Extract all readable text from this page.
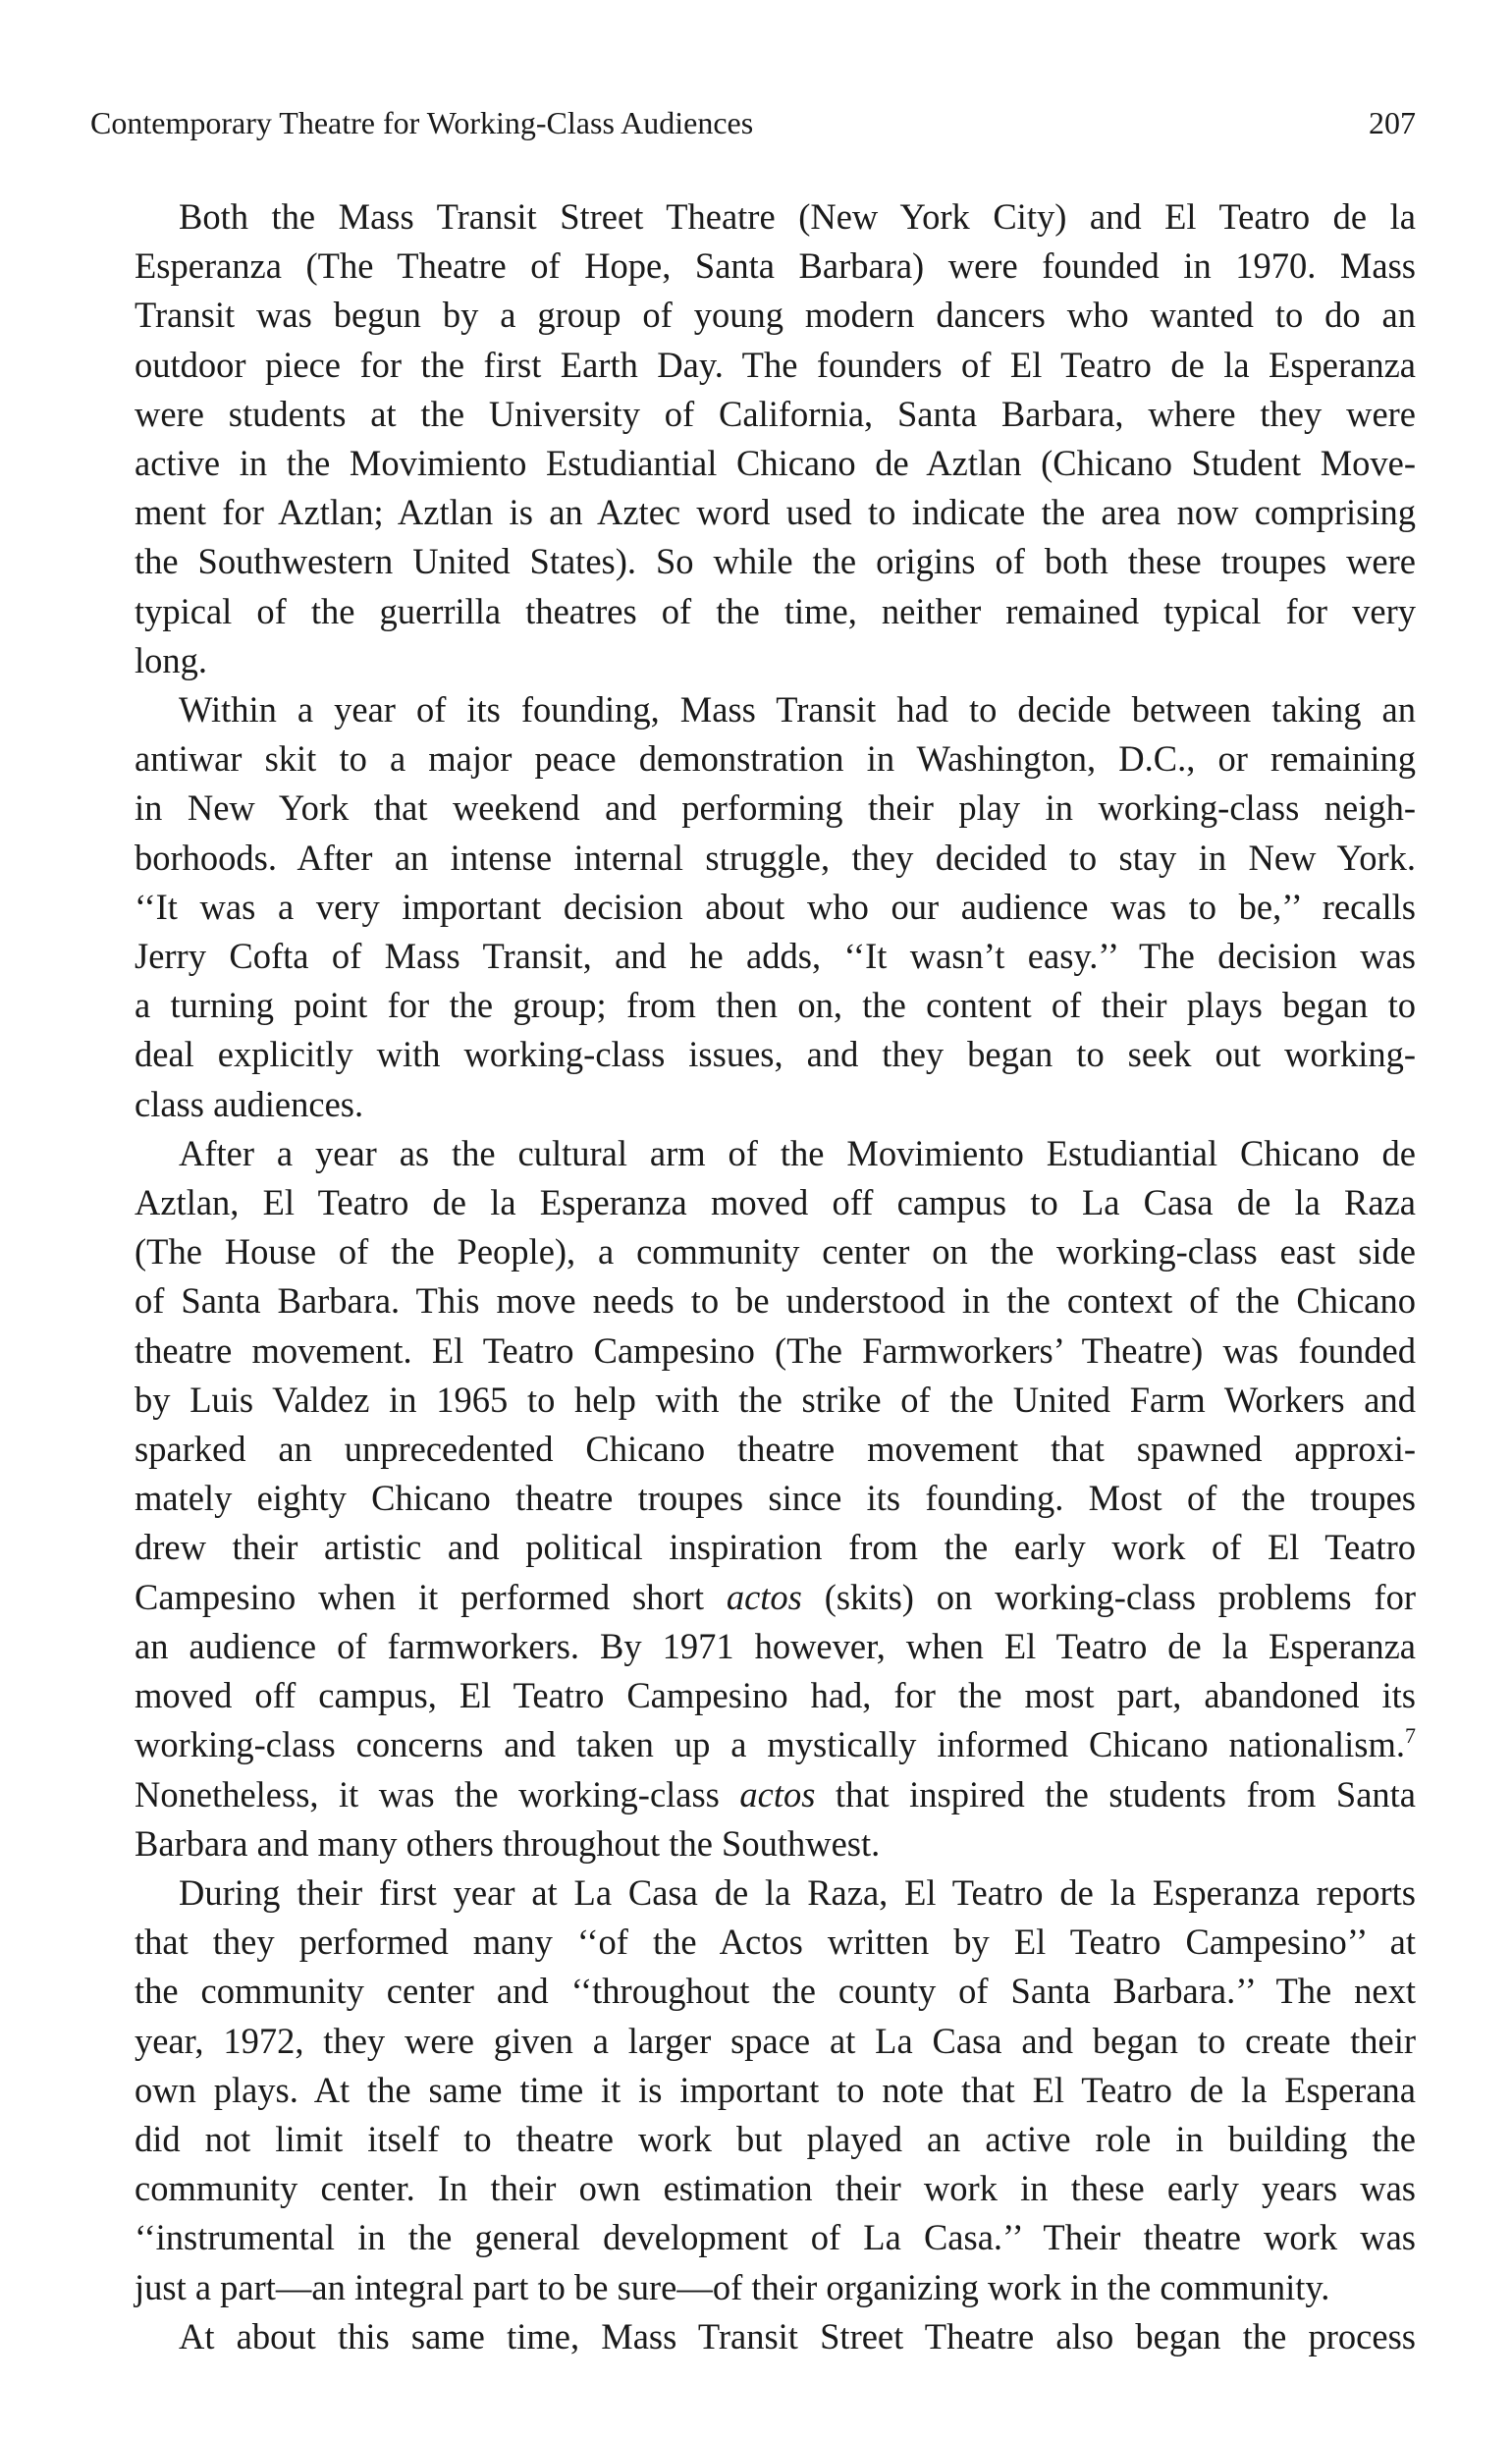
Contemporary Theatre for Working-Class Audiences	207
Both the Mass Transit Street Theatre (New York City) and El Teatro de la
Esperanza (The Theatre of Hope, Santa Barbara) were founded in 1970. Mass
Transit was begun by a group of young modern dancers who wanted to do an
outdoor piece for the first Earth Day. The founders of El Teatro de la Esperanza
were students at the University of California, Santa Barbara, where they were
active in the Movimiento Estudiantial Chicano de Aztlan (Chicano Student Move-
ment for Aztlan; Aztlan is an Aztec word used to indicate the area now comprising
the Southwestern United States). So while the origins of both these troupes were
typical of the guerrilla theatres of the time, neither remained typical for very
long.
Within a year of its founding, Mass Transit had to decide between taking an
antiwar skit to a major peace demonstration in Washington, D.C., or remaining
in New York that weekend and performing their play in working-class neigh-
borhoods. After an intense internal struggle, they decided to stay in New York.
‘‘It was a very important decision about who our audience was to be,’’ recalls
Jerry Cofta of Mass Transit, and he adds, ‘‘It wasn’t easy.’’ The decision was
a turning point for the group; from then on, the content of their plays began to
deal explicitly with working-class issues, and they began to seek out working-
class audiences.
After a year as the cultural arm of the Movimiento Estudiantial Chicano de
Aztlan, El Teatro de la Esperanza moved off campus to La Casa de la Raza
(The House of the People), a community center on the working-class east side
of Santa Barbara. This move needs to be understood in the context of the Chicano
theatre movement. El Teatro Campesino (The Farmworkers’ Theatre) was founded
by Luis Valdez in 1965 to help with the strike of the United Farm Workers and
sparked an unprecedented Chicano theatre movement that spawned approxi-
mately eighty Chicano theatre troupes since its founding. Most of the troupes
drew their artistic and political inspiration from the early work of El Teatro
Campesino when it performed short actos (skits) on working-class problems for
an audience of farmworkers. By 1971 however, when El Teatro de la Esperanza
moved off campus, El Teatro Campesino had, for the most part, abandoned its
working-class concerns and taken up a mystically informed Chicano nationalism.$^7$
Nonetheless, it was the working-class actos that inspired the students from Santa
Barbara and many others throughout the Southwest.
During their first year at La Casa de la Raza, El Teatro de la Esperanza reports
that they performed many ‘‘of the Actos written by El Teatro Campesino’’ at
the community center and ‘‘throughout the county of Santa Barbara.’’ The next
year, 1972, they were given a larger space at La Casa and began to create their
own plays. At the same time it is important to note that El Teatro de la Esperana
did not limit itself to theatre work but played an active role in building the
community center. In their own estimation their work in these early years was
‘‘instrumental in the general development of La Casa.’’ Their theatre work was
just a part—an integral part to be sure—of their organizing work in the community.
At about this same time, Mass Transit Street Theatre also began the process
